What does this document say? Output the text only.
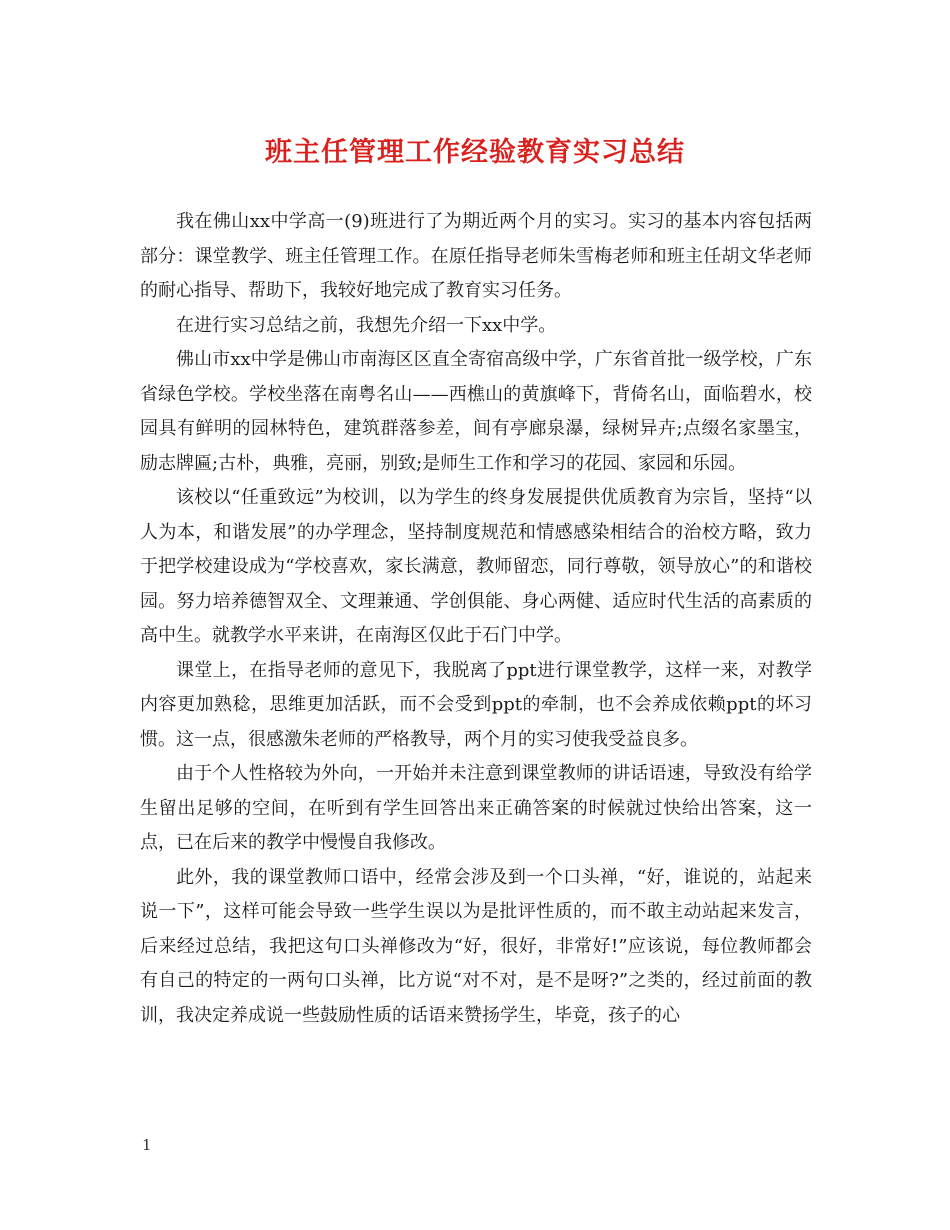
班主任管理工作经验教育实习总结

我在佛山xx中学高一(9)班进行了为期近两个月的实习。实习的基本内容包括两部分：课堂教学、班主任管理工作。在原任指导老师朱雪梅老师和班主任胡文华老师的耐心指导、帮助下，我较好地完成了教育实习任务。

在进行实习总结之前，我想先介绍一下xx中学。

佛山市xx中学是佛山市南海区区直全寄宿高级中学，广东省首批一级学校，广东省绿色学校。学校坐落在南粤名山——西樵山的黄旗峰下，背倚名山，面临碧水，校园具有鲜明的园林特色，建筑群落参差，间有亭廊泉瀑，绿树异卉;点缀名家墨宝，励志牌匾;古朴，典雅，亮丽，别致;是师生工作和学习的花园、家园和乐园。

该校以“任重致远”为校训，以为学生的终身发展提供优质教育为宗旨，坚持“以人为本，和谐发展”的办学理念，坚持制度规范和情感感染相结合的治校方略，致力于把学校建设成为“学校喜欢，家长满意，教师留恋，同行尊敬，领导放心”的和谐校园。努力培养德智双全、文理兼通、学创俱能、身心两健、适应时代生活的高素质的高中生。就教学水平来讲，在南海区仅此于石门中学。

课堂上，在指导老师的意见下，我脱离了ppt进行课堂教学，这样一来，对教学内容更加熟稔，思维更加活跃，而不会受到ppt的牵制，也不会养成依赖ppt的坏习惯。这一点，很感激朱老师的严格教导，两个月的实习使我受益良多。

由于个人性格较为外向，一开始并未注意到课堂教师的讲话语速，导致没有给学生留出足够的空间，在听到有学生回答出来正确答案的时候就过快给出答案，这一点，已在后来的教学中慢慢自我修改。

此外，我的课堂教师口语中，经常会涉及到一个口头禅，“好，谁说的，站起来说一下”，这样可能会导致一些学生误以为是批评性质的，而不敢主动站起来发言，后来经过总结，我把这句口头禅修改为“好，很好，非常好!”应该说，每位教师都会有自己的特定的一两句口头禅，比方说“对不对，是不是呀?”之类的，经过前面的教训，我决定养成说一些鼓励性质的话语来赞扬学生，毕竟，孩子的心

1
